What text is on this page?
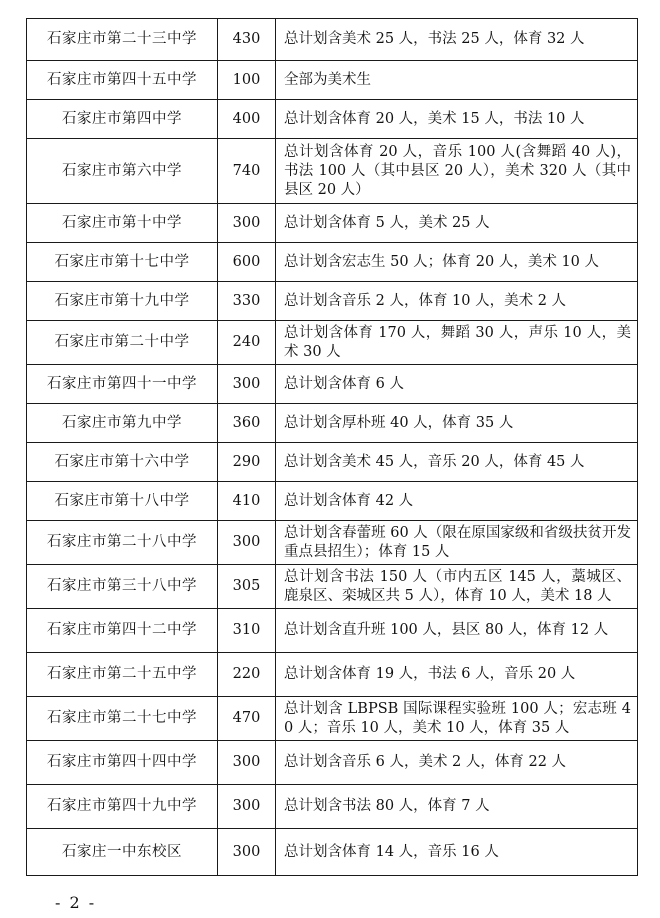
石家庄市第二十三中学	430	总计划含美术 25 人，书法 25 人，体育 32 人
石家庄市第四十五中学	100	全部为美术生
石家庄市第四中学	400	总计划含体育 20 人，美术 15 人，书法 10 人
石家庄市第六中学	740	总计划含体育 20 人，音乐 100 人(含舞蹈 40 人)，书法 100 人（其中县区 20 人），美术 320 人（其中县区 20 人）
石家庄市第十中学	300	总计划含体育 5 人，美术 25 人
石家庄市第十七中学	600	总计划含宏志生 50 人；体育 20 人，美术 10 人
石家庄市第十九中学	330	总计划含音乐 2 人，体育 10 人，美术 2 人
石家庄市第二十中学	240	总计划含体育 170 人，舞蹈 30 人，声乐 10 人，美术 30 人
石家庄市第四十一中学	300	总计划含体育 6 人
石家庄市第九中学	360	总计划含厚朴班 40 人，体育 35 人
石家庄市第十六中学	290	总计划含美术 45 人，音乐 20 人，体育 45 人
石家庄市第十八中学	410	总计划含体育 42 人
石家庄市第二十八中学	300	总计划含春蕾班 60 人（限在原国家级和省级扶贫开发重点县招生）；体育 15 人
石家庄市第三十八中学	305	总计划含书法 150 人（市内五区 145 人，藁城区、鹿泉区、栾城区共 5 人），体育 10 人，美术 18 人
石家庄市第四十二中学	310	总计划含直升班 100 人，县区 80 人，体育 12 人
石家庄市第二十五中学	220	总计划含体育 19 人，书法 6 人，音乐 20 人
石家庄市第二十七中学	470	总计划含 LBPSB 国际课程实验班 100 人；宏志班 40 人；音乐 10 人，美术 10 人，体育 35 人
石家庄市第四十四中学	300	总计划含音乐 6 人，美术 2 人，体育 22 人
石家庄市第四十九中学	300	总计划含书法 80 人，体育 7 人
石家庄一中东校区	300	总计划含体育 14 人，音乐 16 人
- 2 -
